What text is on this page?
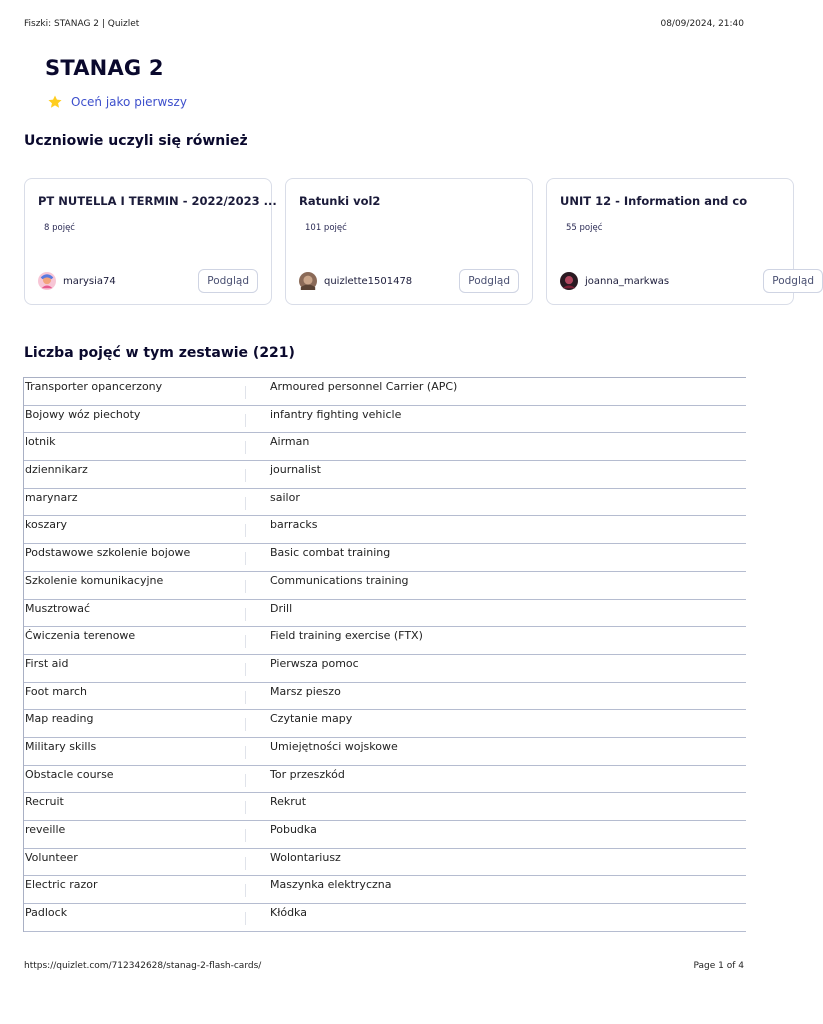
Fiszki: STANAG 2 | Quizlet	08/09/2024, 21:40
STANAG 2
Oceń jako pierwszy
Uczniowie uczyli się również
PT NUTELLA I TERMIN - 2022/2023 ...
8 pojęć
marysia74	Podgląd
Ratunki vol2
101 pojęć
quizlette1501478	Podgląd
UNIT 12 - Information and co
55 pojęć
joanna_markwas	Podgląd
Liczba pojęć w tym zestawie (221)
Transporter opancerzony	Armoured personnel Carrier (APC)
Bojowy wóz piechoty	infantry fighting vehicle
lotnik	Airman
dziennikarz	journalist
marynarz	sailor
koszary	barracks
Podstawowe szkolenie bojowe	Basic combat training
Szkolenie komunikacyjne	Communications training
Musztrować	Drill
Ćwiczenia terenowe	Field training exercise (FTX)
First aid	Pierwsza pomoc
Foot march	Marsz pieszo
Map reading	Czytanie mapy
Military skills	Umiejętności wojskowe
Obstacle course	Tor przeszkód
Recruit	Rekrut
reveille	Pobudka
Volunteer	Wolontariusz
Electric razor	Maszynka elektryczna
Padlock	Kłódka
https://quizlet.com/712342628/stanag-2-flash-cards/	Page 1 of 4
